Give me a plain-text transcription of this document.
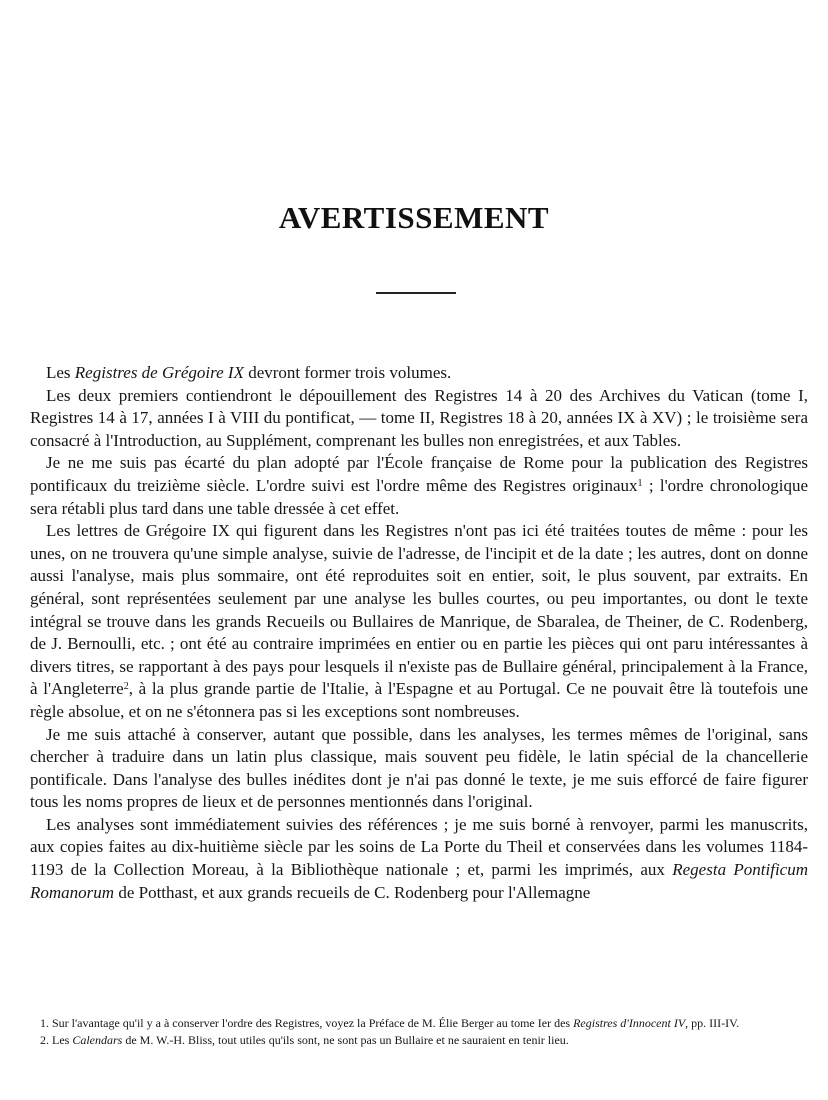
AVERTISSEMENT

Les Registres de Grégoire IX devront former trois volumes.

Les deux premiers contiendront le dépouillement des Registres 14 à 20 des Archives du Vatican (tome I, Registres 14 à 17, années I à VIII du pontificat, — tome II, Registres 18 à 20, années IX à XV) ; le troisième sera consacré à l'Introduction, au Supplément, comprenant les bulles non enregistrées, et aux Tables.

Je ne me suis pas écarté du plan adopté par l'École française de Rome pour la publication des Registres pontificaux du treizième siècle. L'ordre suivi est l'ordre même des Registres originaux$^1$ ; l'ordre chronologique sera rétabli plus tard dans une table dressée à cet effet.

Les lettres de Grégoire IX qui figurent dans les Registres n'ont pas ici été traitées toutes de même : pour les unes, on ne trouvera qu'une simple analyse, suivie de l'adresse, de l'incipit et de la date ; les autres, dont on donne aussi l'analyse, mais plus sommaire, ont été reproduites soit en entier, soit, le plus souvent, par extraits. En général, sont représentées seulement par une analyse les bulles courtes, ou peu importantes, ou dont le texte intégral se trouve dans les grands Recueils ou Bullaires de Manrique, de Sbaralea, de Theiner, de C. Rodenberg, de J. Bernoulli, etc. ; ont été au contraire imprimées en entier ou en partie les pièces qui ont paru intéressantes à divers titres, se rapportant à des pays pour lesquels il n'existe pas de Bullaire général, principalement à la France, à l'Angleterre$^2$, à la plus grande partie de l'Italie, à l'Espagne et au Portugal. Ce ne pouvait être là toutefois une règle absolue, et on ne s'étonnera pas si les exceptions sont nombreuses.

Je me suis attaché à conserver, autant que possible, dans les analyses, les termes mêmes de l'original, sans chercher à traduire dans un latin plus classique, mais souvent peu fidèle, le latin spécial de la chancellerie pontificale. Dans l'analyse des bulles inédites dont je n'ai pas donné le texte, je me suis efforcé de faire figurer tous les noms propres de lieux et de personnes mentionnés dans l'original.

Les analyses sont immédiatement suivies des références ; je me suis borné à renvoyer, parmi les manuscrits, aux copies faites au dix-huitième siècle par les soins de La Porte du Theil et conservées dans les volumes 1184-1193 de la Collection Moreau, à la Bibliothèque nationale ; et, parmi les imprimés, aux Regesta Pontificum Romanorum de Potthast, et aux grands recueils de C. Rodenberg pour l'Allemagne

1. Sur l'avantage qu'il y a à conserver l'ordre des Registres, voyez la Préface de M. Élie Berger au tome Ier des Registres d'Innocent IV, pp. III-IV.

2. Les Calendars de M. W.-H. Bliss, tout utiles qu'ils sont, ne sont pas un Bullaire et ne sauraient en tenir lieu.
